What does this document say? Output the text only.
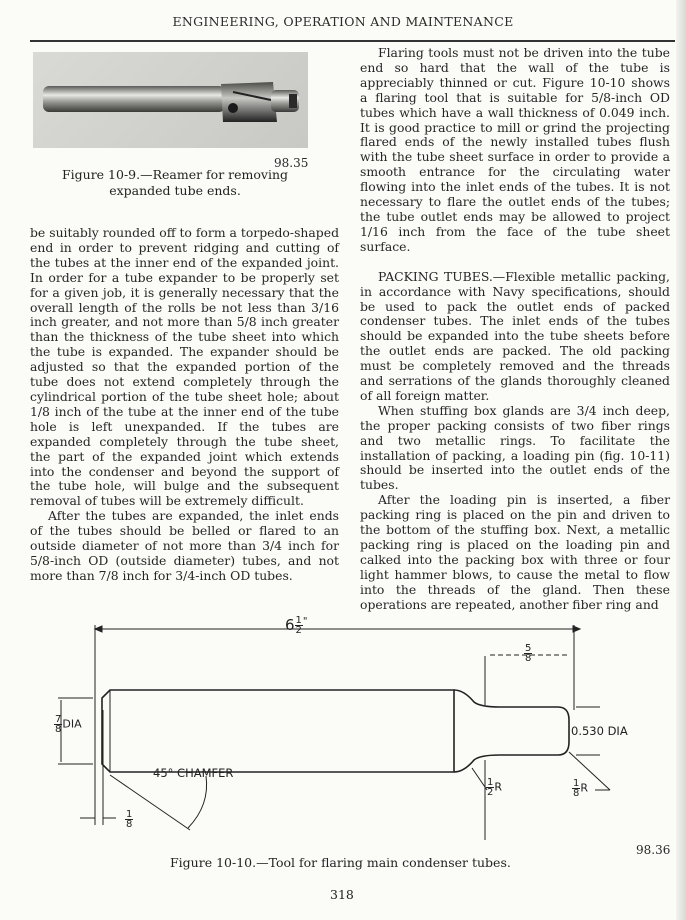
ENGINEERING, OPERATION AND MAINTENANCE
98.35
Figure 10-9.—Reamer for removing
expanded tube ends.

be suitably rounded off to form a torpedo-shaped end in order to prevent ridging and cutting of the tubes at the inner end of the expanded joint. In order for a tube expander to be properly set for a given job, it is generally necessary that the overall length of the rolls be not less than 3/16 inch greater, and not more than 5/8 inch greater than the thickness of the tube sheet into which the tube is expanded. The expander should be adjusted so that the expanded portion of the tube does not extend completely through the cylindrical portion of the tube sheet hole; about 1/8 inch of the tube at the inner end of the tube hole is left unexpanded. If the tubes are expanded completely through the tube sheet, the part of the expanded joint which extends into the condenser and beyond the support of the tube hole, will bulge and the subsequent removal of tubes will be extremely difficult.

After the tubes are expanded, the inlet ends of the tubes should be belled or flared to an outside diameter of not more than 3/4 inch for 5/8-inch OD (outside diameter) tubes, and not more than 7/8 inch for 3/4-inch OD tubes.

Flaring tools must not be driven into the tube end so hard that the wall of the tube is appreciably thinned or cut. Figure 10-10 shows a flaring tool that is suitable for 5/8-inch OD tubes which have a wall thickness of 0.049 inch. It is good practice to mill or grind the projecting flared ends of the newly installed tubes flush with the tube sheet surface in order to provide a smooth entrance for the circulating water flowing into the inlet ends of the tubes. It is not necessary to flare the outlet ends of the tubes; the tube outlet ends may be allowed to project 1/16 inch from the face of the tube sheet surface.

PACKING TUBES.—Flexible metallic packing, in accordance with Navy specifications, should be used to pack the outlet ends of packed condenser tubes. The inlet ends of the tubes should be expanded into the tube sheets before the outlet ends are packed. The old packing must be completely removed and the threads and serrations of the glands thoroughly cleaned of all foreign matter.

When stuffing box glands are 3/4 inch deep, the proper packing consists of two fiber rings and two metallic rings. To facilitate the installation of packing, a loading pin (fig. 10-11) should be inserted into the outlet ends of the tubes.

After the loading pin is inserted, a fiber packing ring is placed on the pin and driven to the bottom of the stuffing box. Next, a metallic packing ring is placed on the loading pin and calked into the packing box with three or four light hammer blows, to cause the metal to flow into the threads of the gland. Then these operations are repeated, another fiber ring and

$6 \frac{1}{2} ^"$
$\frac{7}{8}$ DIA
45° CHAMFER
$\frac{1}{8}$
$\frac{5}{8}$
0.530 DIA
$\frac{1}{2}$ R	$\frac{1}{8}$ R
98.36
Figure 10-10.—Tool for flaring main condenser tubes.
318
